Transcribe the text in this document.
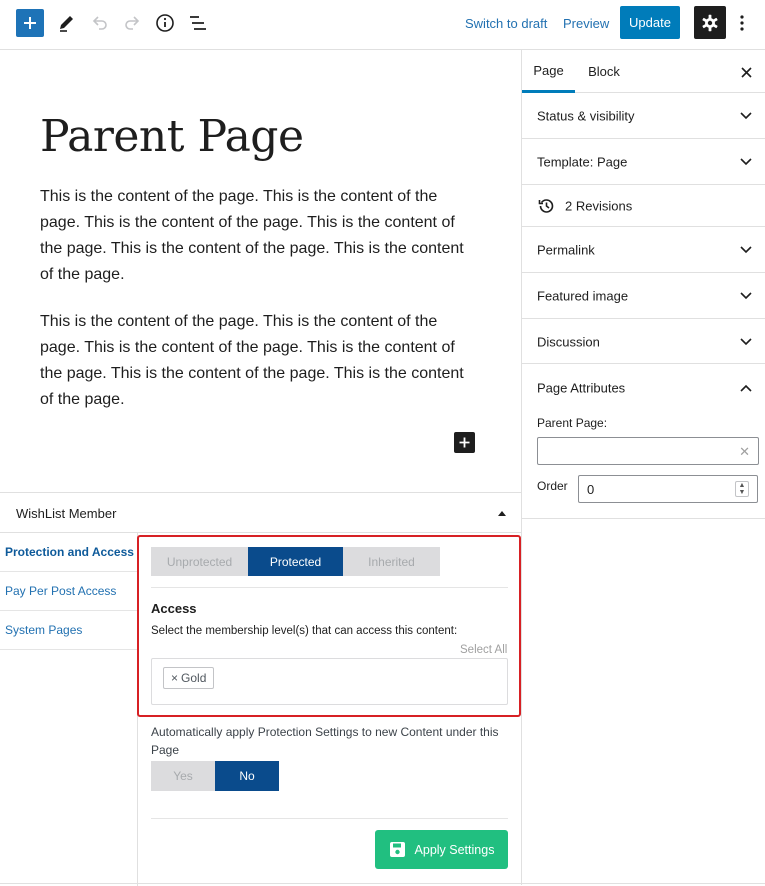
Switch to draft Preview	Update
Parent Page

This is the content of the page. This is the content of the page. This is the content of the page. This is the content of the page. This is the content of the page. This is the content of the page.

This is the content of the page. This is the content of the page. This is the content of the page. This is the content of the page. This is the content of the page. This is the content of the page.

Page	Block
Status & visibility
Template: Page
2 Revisions
Permalink
Featured image
Discussion
Page Attributes
Parent Page:
✕
Order 0	▲
▼
WishList Member
Protection and Access
Pay Per Post Access
System Pages
Unprotected	Protected	Inherited
Access
Select the membership level(s) that can access this content:
Select All
× Gold
Automatically apply Protection Settings to new Content under this Page
Yes	No
Apply Settings
